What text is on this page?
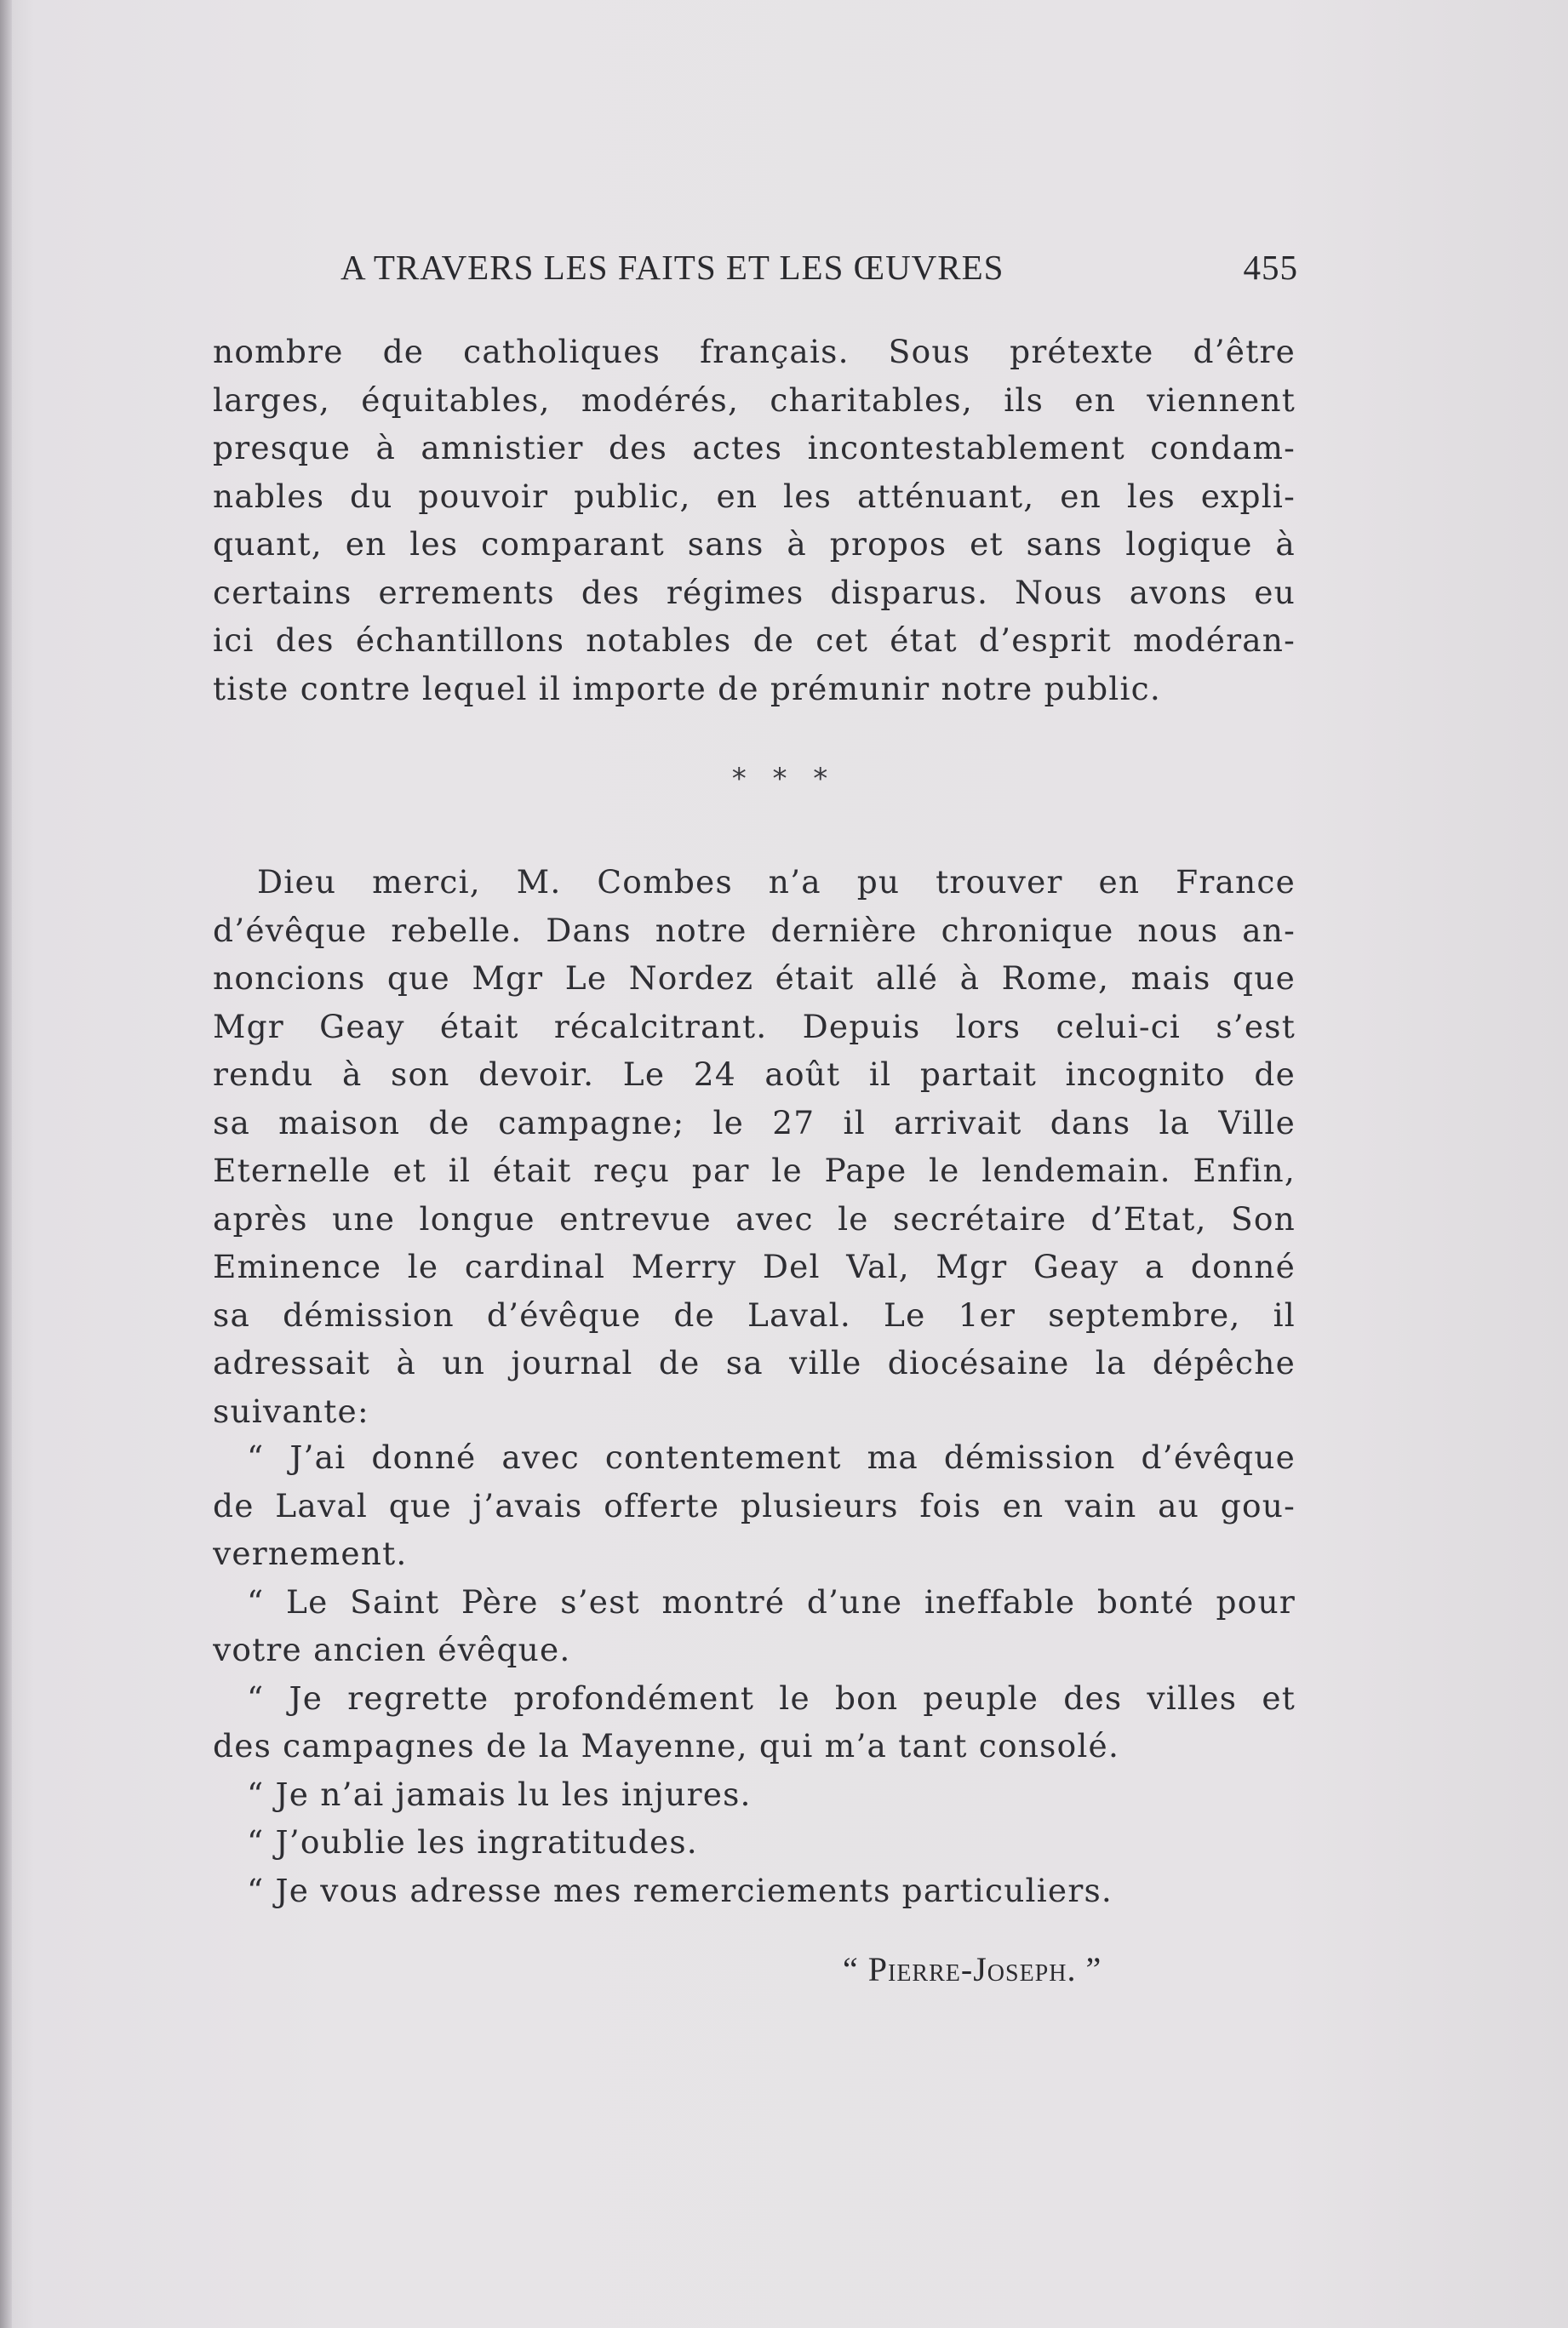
A TRAVERS LES FAITS ET LES ŒUVRES	455
nombre de catholiques français. Sous prétexte d’être
larges, équitables, modérés, charitables, ils en viennent
presque à amnistier des actes incontestablement condam-
nables du pouvoir public, en les atténuant, en les expli-
quant, en les comparant sans à propos et sans logique à
certains errements des régimes disparus. Nous avons eu
ici des échantillons notables de cet état d’esprit modéran-
tiste contre lequel il importe de prémunir notre public.
* * *
Dieu merci, M. Combes n’a pu trouver en France
d’évêque rebelle. Dans notre dernière chronique nous an-
noncions que Mgr Le Nordez était allé à Rome, mais que
Mgr Geay était récalcitrant. Depuis lors celui-ci s’est
rendu à son devoir. Le 24 août il partait incognito de
sa maison de campagne; le 27 il arrivait dans la Ville
Eternelle et il était reçu par le Pape le lendemain. Enfin,
après une longue entrevue avec le secrétaire d’Etat, Son
Eminence le cardinal Merry Del Val, Mgr Geay a donné
sa démission d’évêque de Laval. Le 1er septembre, il
adressait à un journal de sa ville diocésaine la dépêche
suivante:
“ J’ai donné avec contentement ma démission d’évêque
de Laval que j’avais offerte plusieurs fois en vain au gou-
vernement.
“ Le Saint Père s’est montré d’une ineffable bonté pour
votre ancien évêque.
“ Je regrette profondément le bon peuple des villes et
des campagnes de la Mayenne, qui m’a tant consolé.
“ Je n’ai jamais lu les injures.
“ J’oublie les ingratitudes.
“ Je vous adresse mes remerciements particuliers.
“ Pierre-Joseph. ”
